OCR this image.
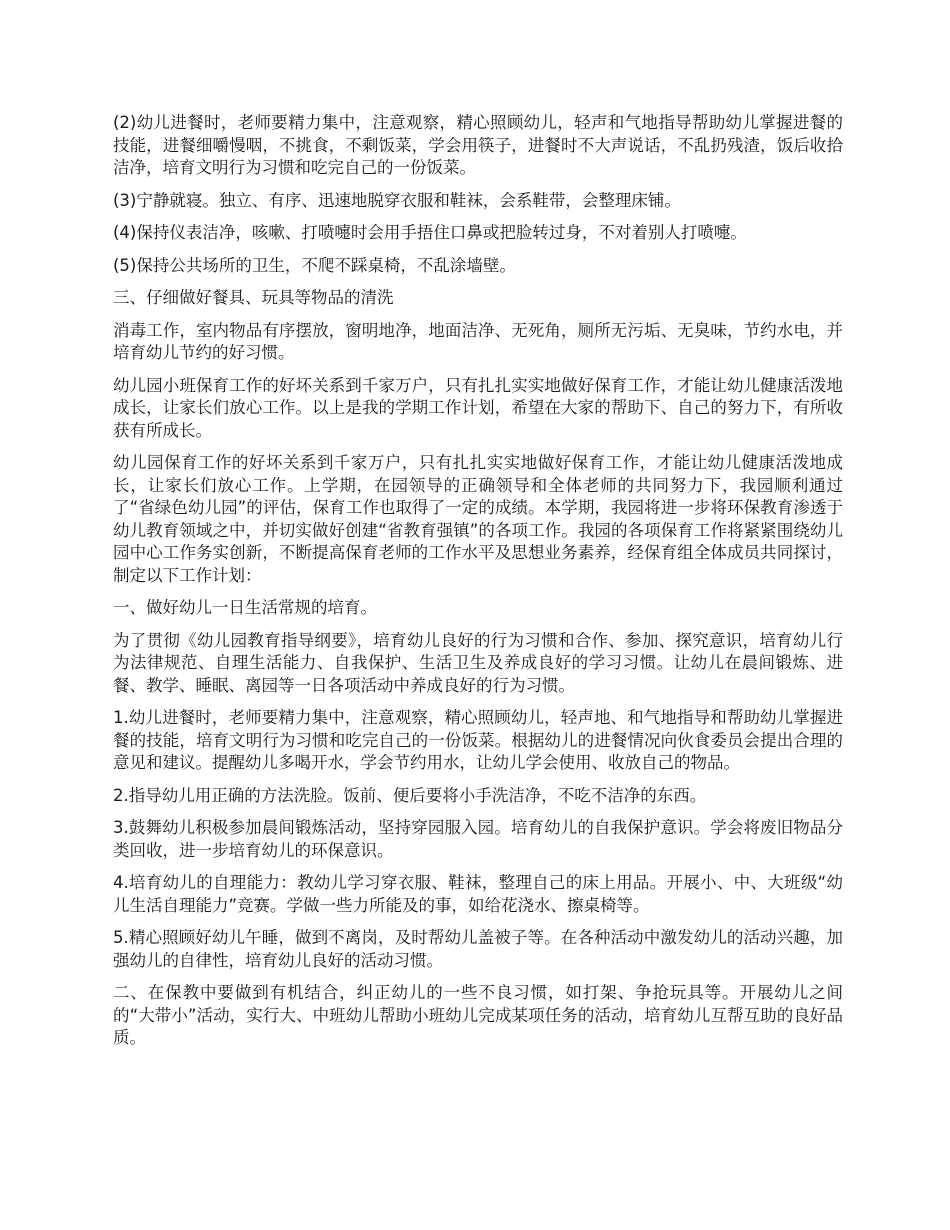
(2)幼儿进餐时，老师要精力集中，注意观察，精心照顾幼儿，轻声和气地指导帮助幼儿掌握进餐的技能，进餐细嚼慢咽，不挑食，不剩饭菜，学会用筷子，进餐时不大声说话，不乱扔残渣，饭后收拾洁净，培育文明行为习惯和吃完自己的一份饭菜。

(3)宁静就寝。独立、有序、迅速地脱穿衣服和鞋袜，会系鞋带，会整理床铺。

(4)保持仪表洁净，咳嗽、打喷嚏时会用手捂住口鼻或把脸转过身，不对着别人打喷嚏。

(5)保持公共场所的卫生，不爬不踩桌椅，不乱涂墙壁。

三、仔细做好餐具、玩具等物品的清洗

消毒工作，室内物品有序摆放，窗明地净，地面洁净、无死角，厕所无污垢、无臭味，节约水电，并培育幼儿节约的好习惯。

幼儿园小班保育工作的好坏关系到千家万户，只有扎扎实实地做好保育工作，才能让幼儿健康活泼地成长，让家长们放心工作。以上是我的学期工作计划，希望在大家的帮助下、自己的努力下，有所收获有所成长。

幼儿园保育工作的好坏关系到千家万户，只有扎扎实实地做好保育工作，才能让幼儿健康活泼地成长，让家长们放心工作。上学期，在园领导的正确领导和全体老师的共同努力下，我园顺利通过了“省绿色幼儿园”的评估，保育工作也取得了一定的成绩。本学期，我园将进一步将环保教育渗透于幼儿教育领域之中，并切实做好创建“省教育强镇”的各项工作。我园的各项保育工作将紧紧围绕幼儿园中心工作务实创新，不断提高保育老师的工作水平及思想业务素养，经保育组全体成员共同探讨，制定以下工作计划：

一、做好幼儿一日生活常规的培育。

为了贯彻《幼儿园教育指导纲要》，培育幼儿良好的行为习惯和合作、参加、探究意识，培育幼儿行为法律规范、自理生活能力、自我保护、生活卫生及养成良好的学习习惯。让幼儿在晨间锻炼、进餐、教学、睡眠、离园等一日各项活动中养成良好的行为习惯。

1.幼儿进餐时，老师要精力集中，注意观察，精心照顾幼儿，轻声地、和气地指导和帮助幼儿掌握进餐的技能，培育文明行为习惯和吃完自己的一份饭菜。根据幼儿的进餐情况向伙食委员会提出合理的意见和建议。提醒幼儿多喝开水，学会节约用水，让幼儿学会使用、收放自己的物品。

2.指导幼儿用正确的方法洗脸。饭前、便后要将小手洗洁净，不吃不洁净的东西。

3.鼓舞幼儿积极参加晨间锻炼活动，坚持穿园服入园。培育幼儿的自我保护意识。学会将废旧物品分类回收，进一步培育幼儿的环保意识。

4.培育幼儿的自理能力：教幼儿学习穿衣服、鞋袜，整理自己的床上用品。开展小、中、大班级“幼儿生活自理能力”竞赛。学做一些力所能及的事，如给花浇水、擦桌椅等。

5.精心照顾好幼儿午睡，做到不离岗，及时帮幼儿盖被子等。在各种活动中激发幼儿的活动兴趣，加强幼儿的自律性，培育幼儿良好的活动习惯。

二、在保教中要做到有机结合，纠正幼儿的一些不良习惯，如打架、争抢玩具等。开展幼儿之间的“大带小”活动，实行大、中班幼儿帮助小班幼儿完成某项任务的活动，培育幼儿互帮互助的良好品质。
